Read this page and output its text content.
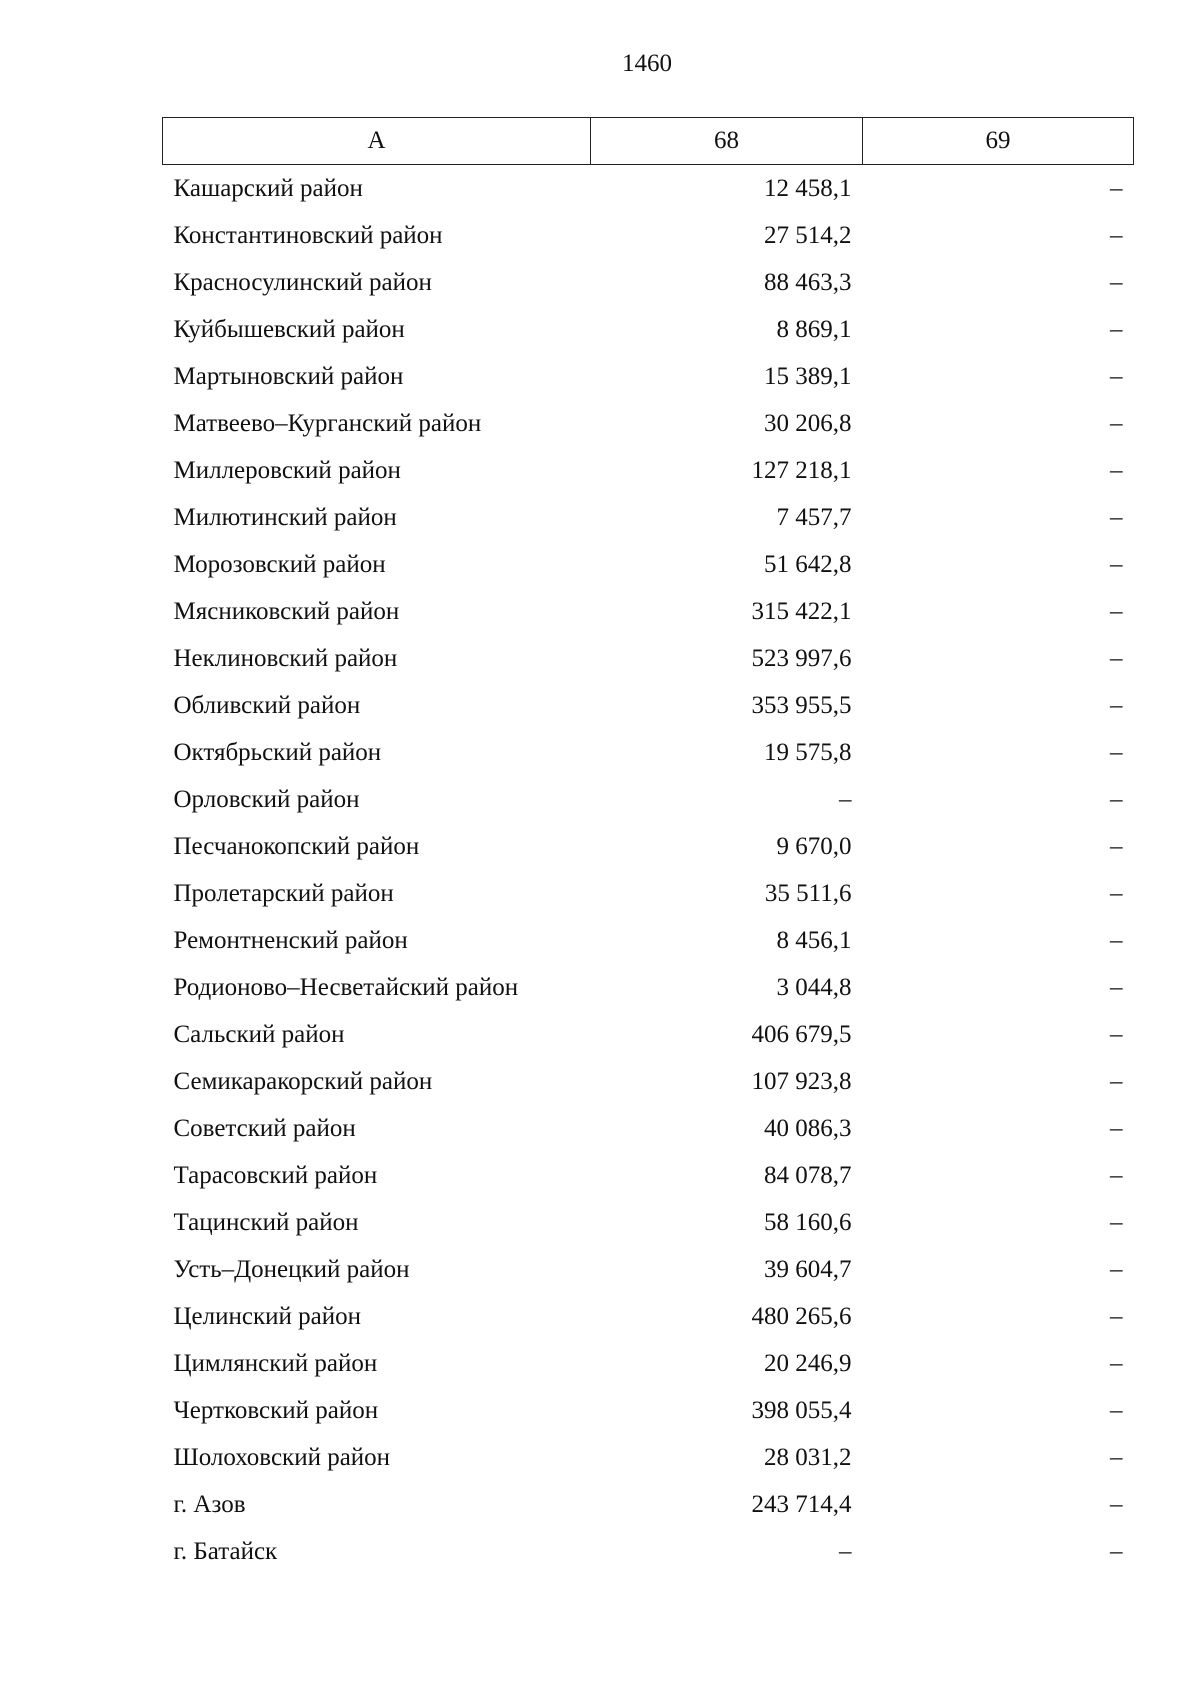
1460
А	68	69
Кашарский район	12 458,1	–
Константиновский район	27 514,2	–
Красносулинский район	88 463,3	–
Куйбышевский район	8 869,1	–
Мартыновский район	15 389,1	–
Матвеево–Курганский район	30 206,8	–
Миллеровский район	127 218,1	–
Милютинский район	7 457,7	–
Морозовский район	51 642,8	–
Мясниковский район	315 422,1	–
Неклиновский район	523 997,6	–
Обливский район	353 955,5	–
Октябрьский район	19 575,8	–
Орловский район	–	–
Песчанокопский район	9 670,0	–
Пролетарский район	35 511,6	–
Ремонтненский район	8 456,1	–
Родионово–Несветайский район	3 044,8	–
Сальский район	406 679,5	–
Семикаракорский район	107 923,8	–
Советский район	40 086,3	–
Тарасовский район	84 078,7	–
Тацинский район	58 160,6	–
Усть–Донецкий район	39 604,7	–
Целинский район	480 265,6	–
Цимлянский район	20 246,9	–
Чертковский район	398 055,4	–
Шолоховский район	28 031,2	–
г. Азов	243 714,4	–
г. Батайск	–	–
